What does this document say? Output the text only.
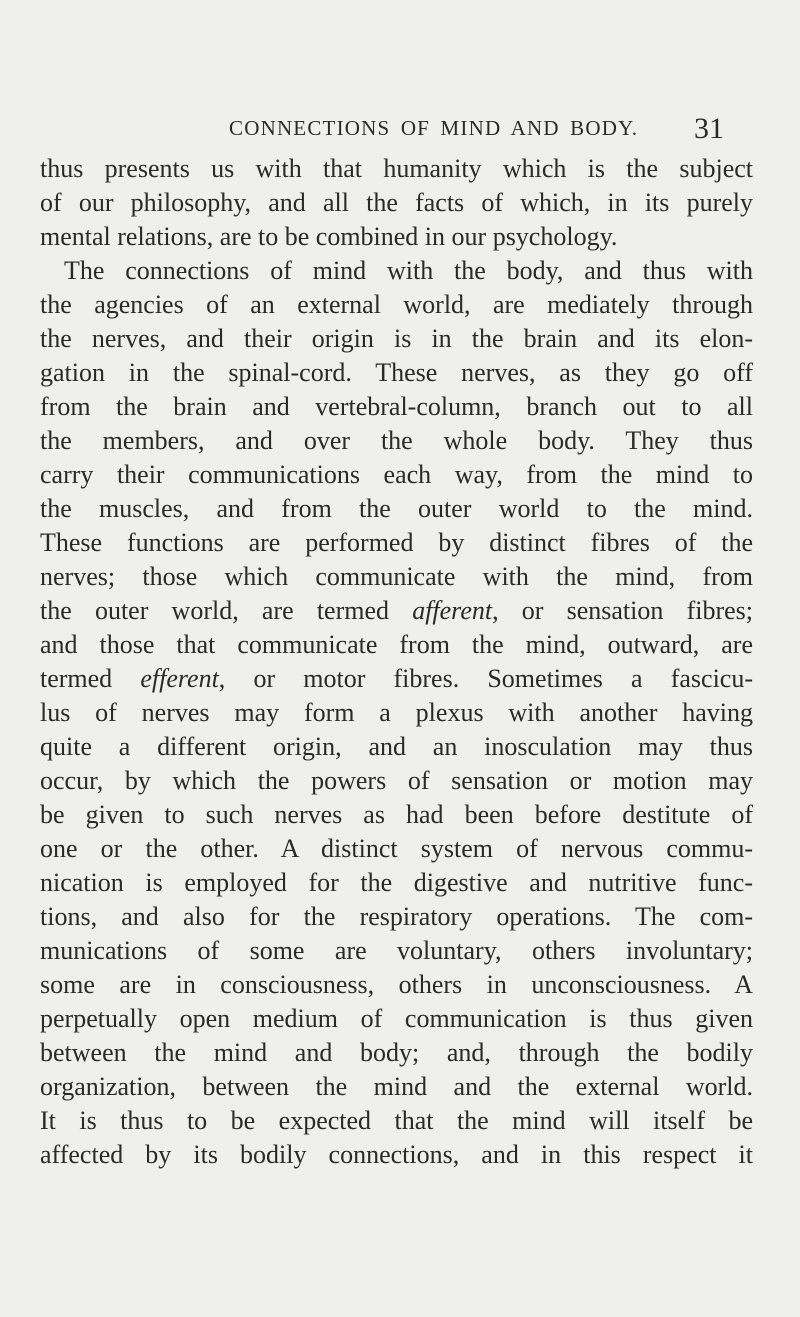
CONNECTIONS OF MIND AND BODY. 31
thus presents us with that humanity which is the subject
of our philosophy, and all the facts of which, in its purely
mental relations, are to be combined in our psychology.
The connections of mind with the body, and thus with
the agencies of an external world, are mediately through
the nerves, and their origin is in the brain and its elon-
gation in the spinal-cord. These nerves, as they go off
from the brain and vertebral-column, branch out to all
the members, and over the whole body. They thus
carry their communications each way, from the mind to
the muscles, and from the outer world to the mind.
These functions are performed by distinct fibres of the
nerves; those which communicate with the mind, from
the outer world, are termed afferent, or sensation fibres;
and those that communicate from the mind, outward, are
termed efferent, or motor fibres. Sometimes a fascicu-
lus of nerves may form a plexus with another having
quite a different origin, and an inosculation may thus
occur, by which the powers of sensation or motion may
be given to such nerves as had been before destitute of
one or the other. A distinct system of nervous commu-
nication is employed for the digestive and nutritive func-
tions, and also for the respiratory operations. The com-
munications of some are voluntary, others involuntary;
some are in consciousness, others in unconsciousness. A
perpetually open medium of communication is thus given
between the mind and body; and, through the bodily
organization, between the mind and the external world.
It is thus to be expected that the mind will itself be
affected by its bodily connections, and in this respect it
